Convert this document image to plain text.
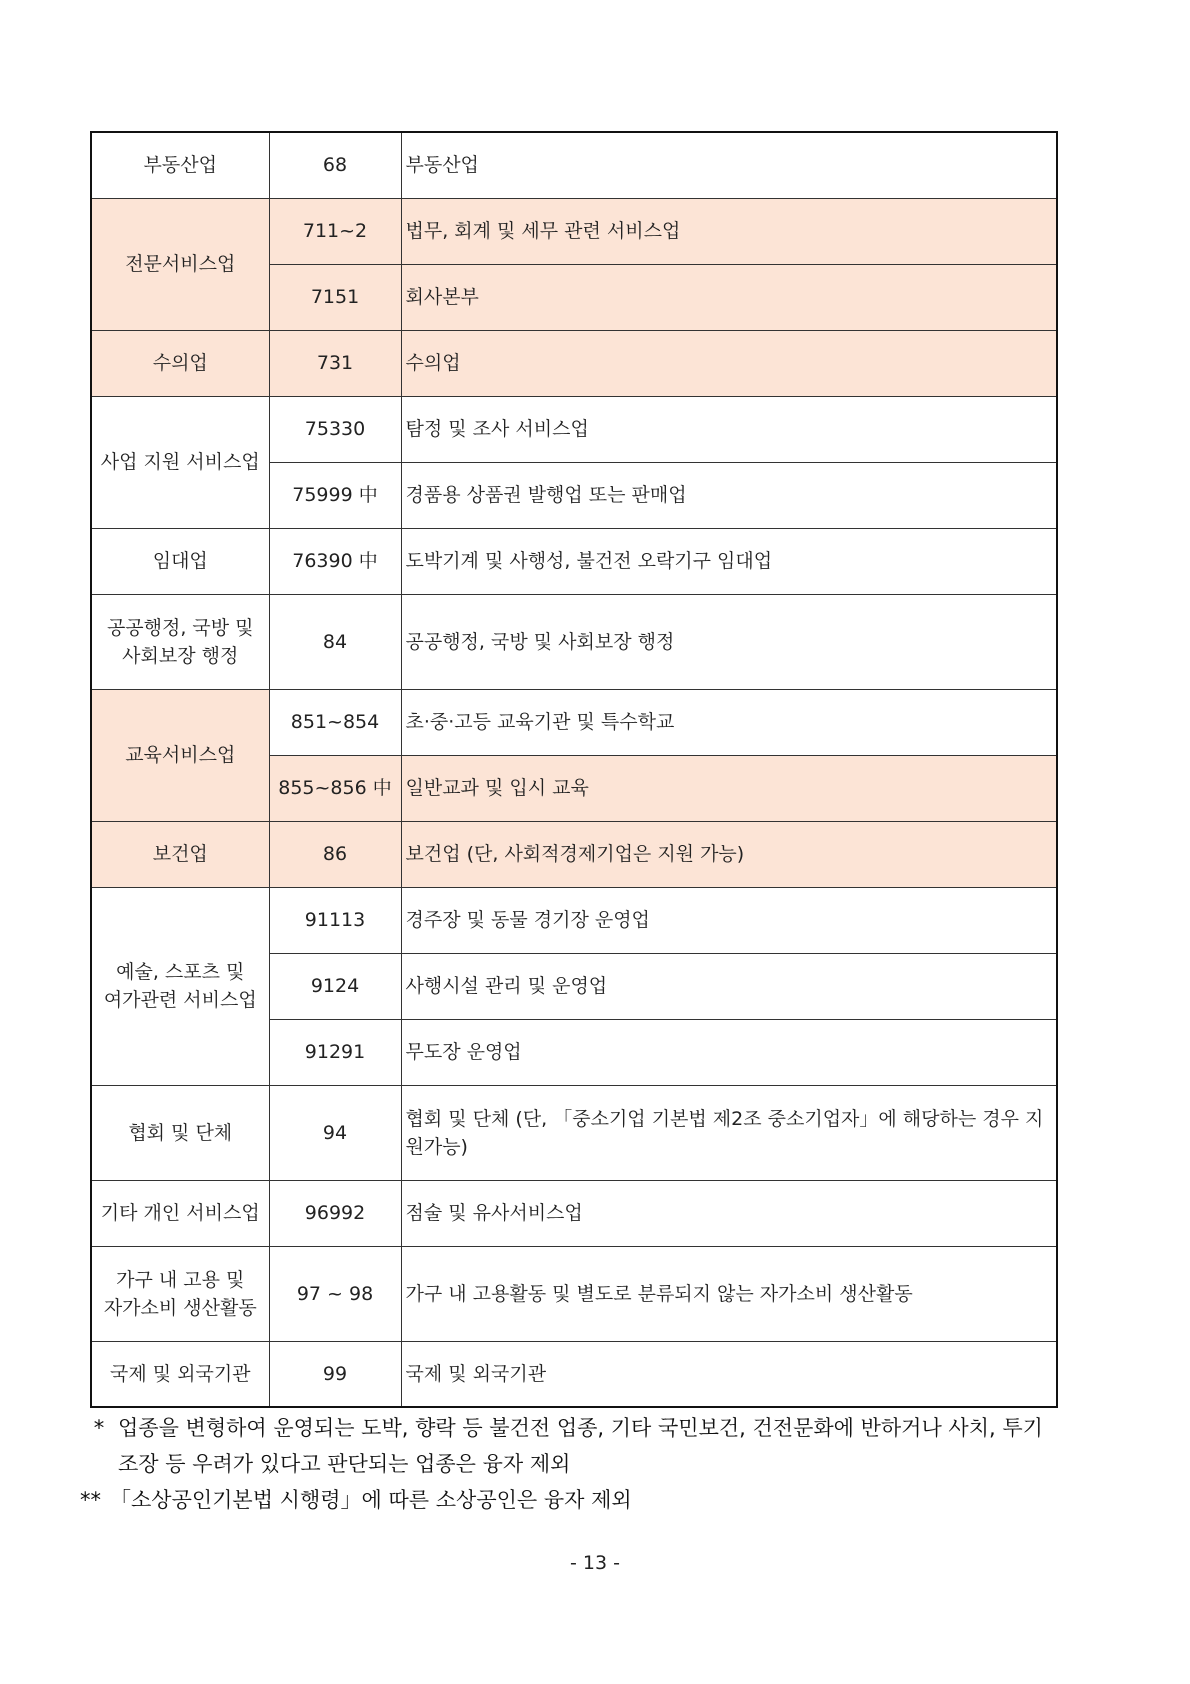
부동산업	68	부동산업
전문서비스업	711~2	법무, 회계 및 세무 관련 서비스업
	7151	회사본부
수의업	731	수의업
사업 지원 서비스업	75330	탐정 및 조사 서비스업
	75999 中	경품용 상품권 발행업 또는 판매업
임대업	76390 中	도박기계 및 사행성, 불건전 오락기구 임대업
공공행정, 국방 및 사회보장 행정	84	공공행정, 국방 및 사회보장 행정
교육서비스업	851~854	초·중·고등 교육기관 및 특수학교
	855~856 中	일반교과 및 입시 교육
보건업	86	보건업 (단, 사회적경제기업은 지원 가능)
예술, 스포츠 및 여가관련 서비스업	91113	경주장 및 동물 경기장 운영업
	9124	사행시설 관리 및 운영업
	91291	무도장 운영업
협회 및 단체	94	협회 및 단체 (단, 「중소기업 기본법 제2조 중소기업자」에 해당하는 경우 지원가능)
기타 개인 서비스업	96992	점술 및 유사서비스업
가구 내 고용 및 자가소비 생산활동	97 ~ 98	가구 내 고용활동 및 별도로 분류되지 않는 자가소비 생산활동
국제 및 외국기관	99	국제 및 외국기관
* 업종을 변형하여 운영되는 도박, 향락 등 불건전 업종, 기타 국민보건, 건전문화에 반하거나 사치, 투기조장 등 우려가 있다고 판단되는 업종은 융자 제외
** 「소상공인기본법 시행령」에 따른 소상공인은 융자 제외
- 13 -
